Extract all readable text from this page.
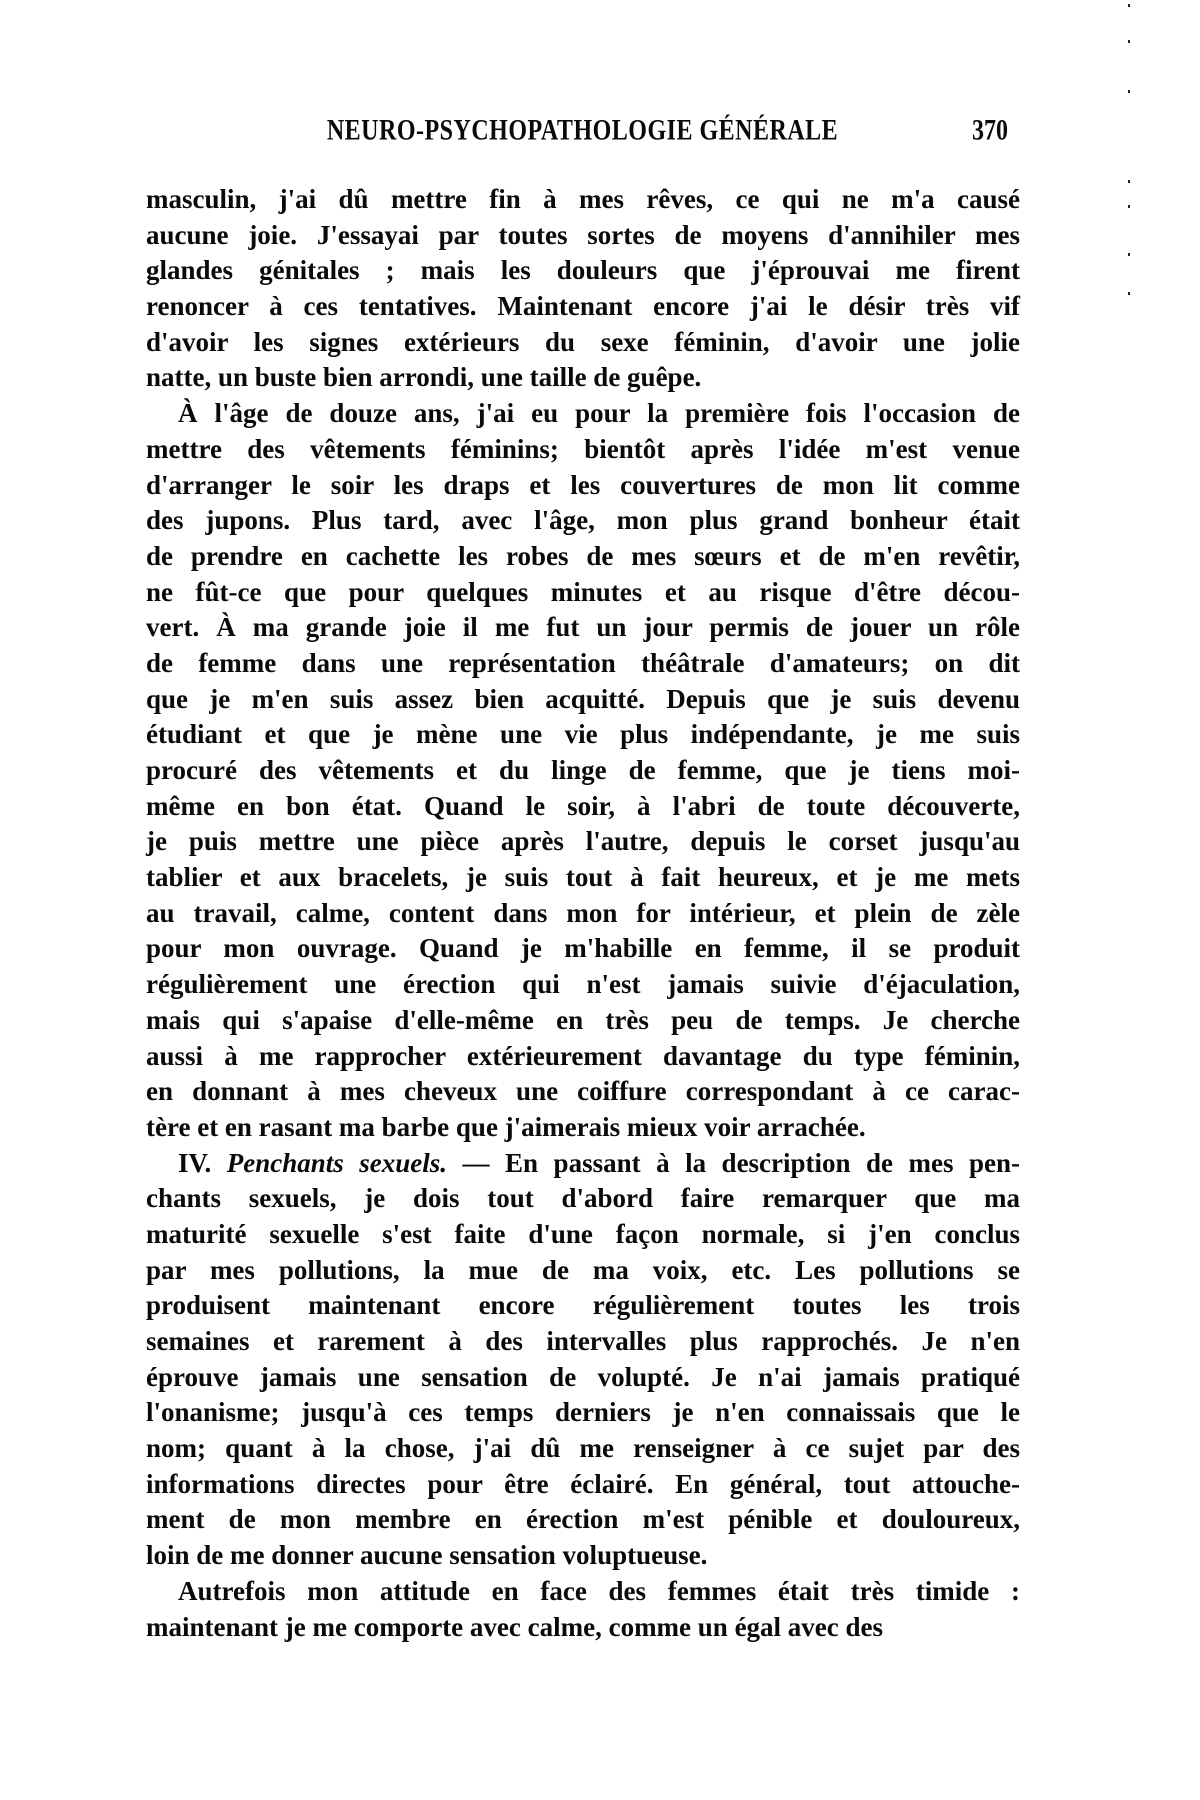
NEURO-PSYCHOPATHOLOGIE GÉNÉRALE	370
masculin, j'ai dû mettre fin à mes rêves, ce qui ne m'a causé
aucune joie. J'essayai par toutes sortes de moyens d'annihiler mes
glandes génitales ; mais les douleurs que j'éprouvai me firent
renoncer à ces tentatives. Maintenant encore j'ai le désir très vif
d'avoir les signes extérieurs du sexe féminin, d'avoir une jolie
natte, un buste bien arrondi, une taille de guêpe.
À l'âge de douze ans, j'ai eu pour la première fois l'occasion de
mettre des vêtements féminins; bientôt après l'idée m'est venue
d'arranger le soir les draps et les couvertures de mon lit comme
des jupons. Plus tard, avec l'âge, mon plus grand bonheur était
de prendre en cachette les robes de mes sœurs et de m'en revêtir,
ne fût-ce que pour quelques minutes et au risque d'être décou-
vert. À ma grande joie il me fut un jour permis de jouer un rôle
de femme dans une représentation théâtrale d'amateurs; on dit
que je m'en suis assez bien acquitté. Depuis que je suis devenu
étudiant et que je mène une vie plus indépendante, je me suis
procuré des vêtements et du linge de femme, que je tiens moi-
même en bon état. Quand le soir, à l'abri de toute découverte,
je puis mettre une pièce après l'autre, depuis le corset jusqu'au
tablier et aux bracelets, je suis tout à fait heureux, et je me mets
au travail, calme, content dans mon for intérieur, et plein de zèle
pour mon ouvrage. Quand je m'habille en femme, il se produit
régulièrement une érection qui n'est jamais suivie d'éjaculation,
mais qui s'apaise d'elle-même en très peu de temps. Je cherche
aussi à me rapprocher extérieurement davantage du type féminin,
en donnant à mes cheveux une coiffure correspondant à ce carac-
tère et en rasant ma barbe que j'aimerais mieux voir arrachée.
IV. Penchants sexuels. — En passant à la description de mes pen-
chants sexuels, je dois tout d'abord faire remarquer que ma
maturité sexuelle s'est faite d'une façon normale, si j'en conclus
par mes pollutions, la mue de ma voix, etc. Les pollutions se
produisent maintenant encore régulièrement toutes les trois
semaines et rarement à des intervalles plus rapprochés. Je n'en
éprouve jamais une sensation de volupté. Je n'ai jamais pratiqué
l'onanisme; jusqu'à ces temps derniers je n'en connaissais que le
nom; quant à la chose, j'ai dû me renseigner à ce sujet par des
informations directes pour être éclairé. En général, tout attouche-
ment de mon membre en érection m'est pénible et douloureux,
loin de me donner aucune sensation voluptueuse.
Autrefois mon attitude en face des femmes était très timide :
maintenant je me comporte avec calme, comme un égal avec des
